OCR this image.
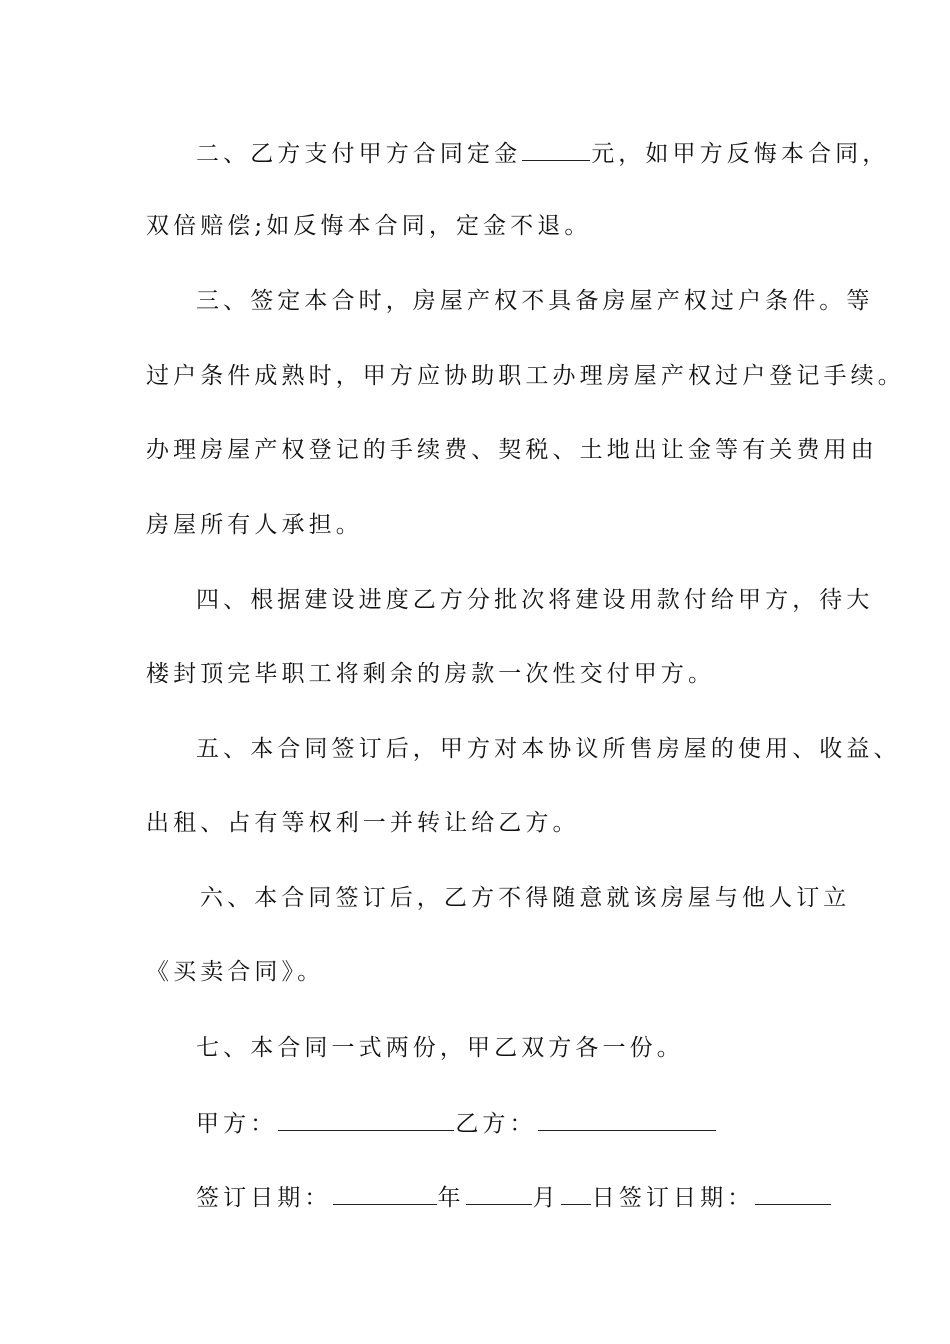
二、乙方支付甲方合同定金	元，如甲方反悔本合同，
双倍赔偿;如反悔本合同，定金不退。
三、签定本合时，房屋产权不具备房屋产权过户条件。等
过户条件成熟时，甲方应协助职工办理房屋产权过户登记手续。
办理房屋产权登记的手续费、契税、土地出让金等有关费用由
房屋所有人承担。
四、根据建设进度乙方分批次将建设用款付给甲方，待大
楼封顶完毕职工将剩余的房款一次性交付甲方。
五、本合同签订后，甲方对本协议所售房屋的使用、收益、
出租、占有等权利一并转让给乙方。
六、本合同签订后，乙方不得随意就该房屋与他人订立
《买卖合同》。
七、本合同一式两份，甲乙双方各一份。
甲方：	乙方：
签订日期：	年	月 日签订日期：
